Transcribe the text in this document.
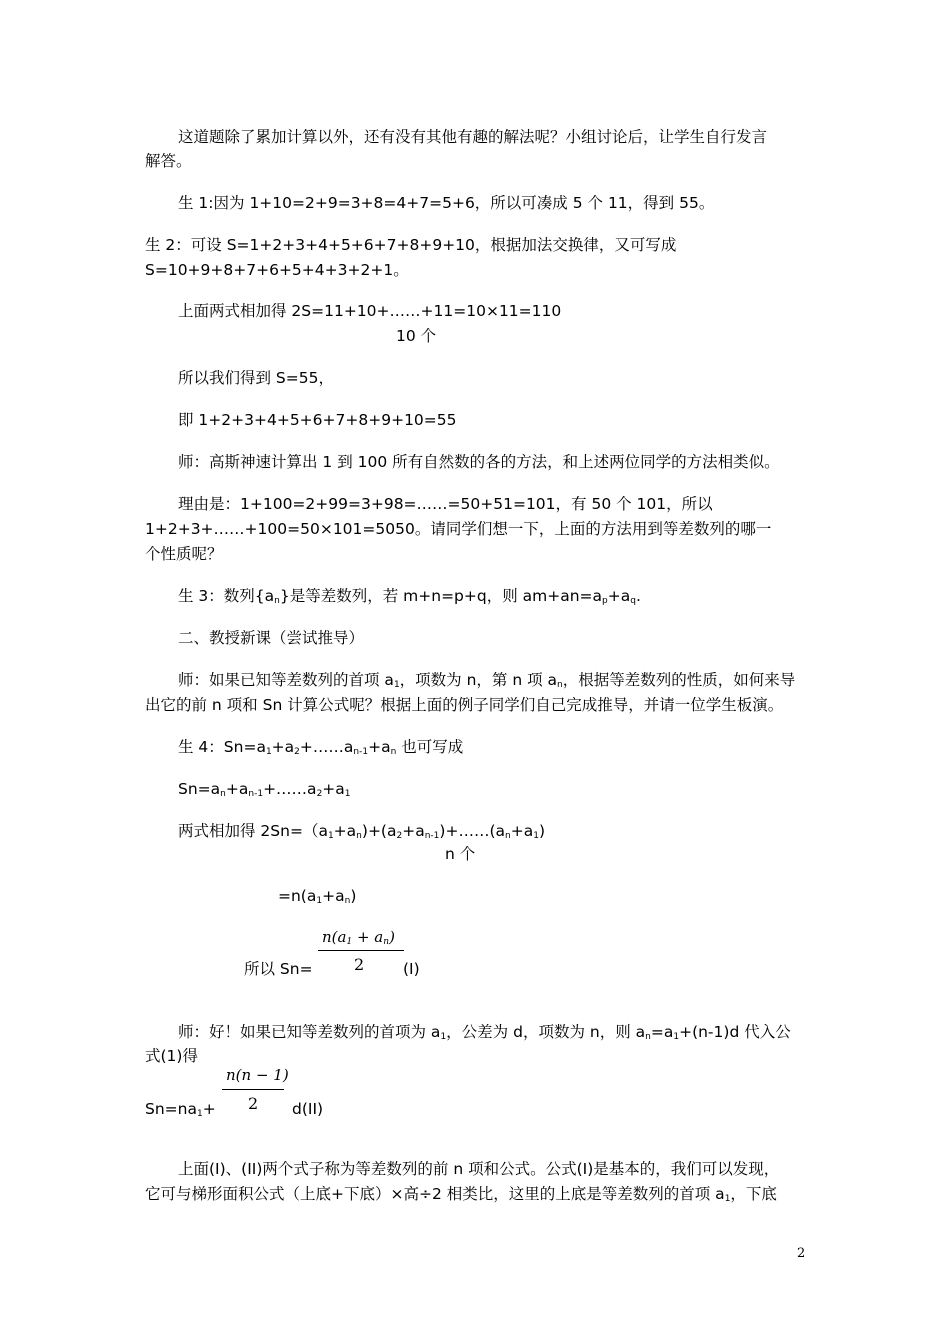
这道题除了累加计算以外，还有没有其他有趣的解法呢？小组讨论后，让学生自行发言
解答。
生 1:因为 1+10=2+9=3+8=4+7=5+6，所以可凑成 5 个 11，得到 55。
生 2：可设 S=1+2+3+4+5+6+7+8+9+10，根据加法交换律，又可写成
S=10+9+8+7+6+5+4+3+2+1。
上面两式相加得 2S=11+10+……+11=10×11=110
10 个
所以我们得到 S=55，
即 1+2+3+4+5+6+7+8+9+10=55
师：高斯神速计算出 1 到 100 所有自然数的各的方法，和上述两位同学的方法相类似。
理由是：1+100=2+99=3+98=……=50+51=101，有 50 个 101，所以
1+2+3+……+100=50×101=5050。请同学们想一下，上面的方法用到等差数列的哪一
个性质呢？
生 3：数列$\{a_n\}$是等差数列，若 m+n=p+q，则 $am+an=a_p+a_q$.
二、教授新课（尝试推导）
师：如果已知等差数列的首项 $a_1$，项数为 n，第 n 项 $a_n$，根据等差数列的性质，如何来导
出它的前 n 项和 Sn 计算公式呢？根据上面的例子同学们自己完成推导，并请一位学生板演。
生 4：$Sn=a_1+a_2+\dots\dots a_{n-1}+a_n$ 也可写成
$Sn=a_n+a_{n-1}+\dots\dots a_2+a_1$
两式相加得 $2Sn=(a_1+a_n)+(a_2+a_{n-1})+\dots\dots(a_n+a_1)$
n 个
$=n(a_1+a_n)$
$n(a_1 + a_n)$
2
所以 Sn=	(I)
师：好！如果已知等差数列的首项为 $a_1$，公差为 d，项数为 n，则 $a_n=a_1+(n-1)d$ 代入公
式(1)得
n(n − 1)
2
$Sn=na_1+$	d(II)
上面(I)、(II)两个式子称为等差数列的前 n 项和公式。公式(I)是基本的，我们可以发现，
它可与梯形面积公式（上底+下底）×高÷2 相类比，这里的上底是等差数列的首项 $a_1$，下底
2
